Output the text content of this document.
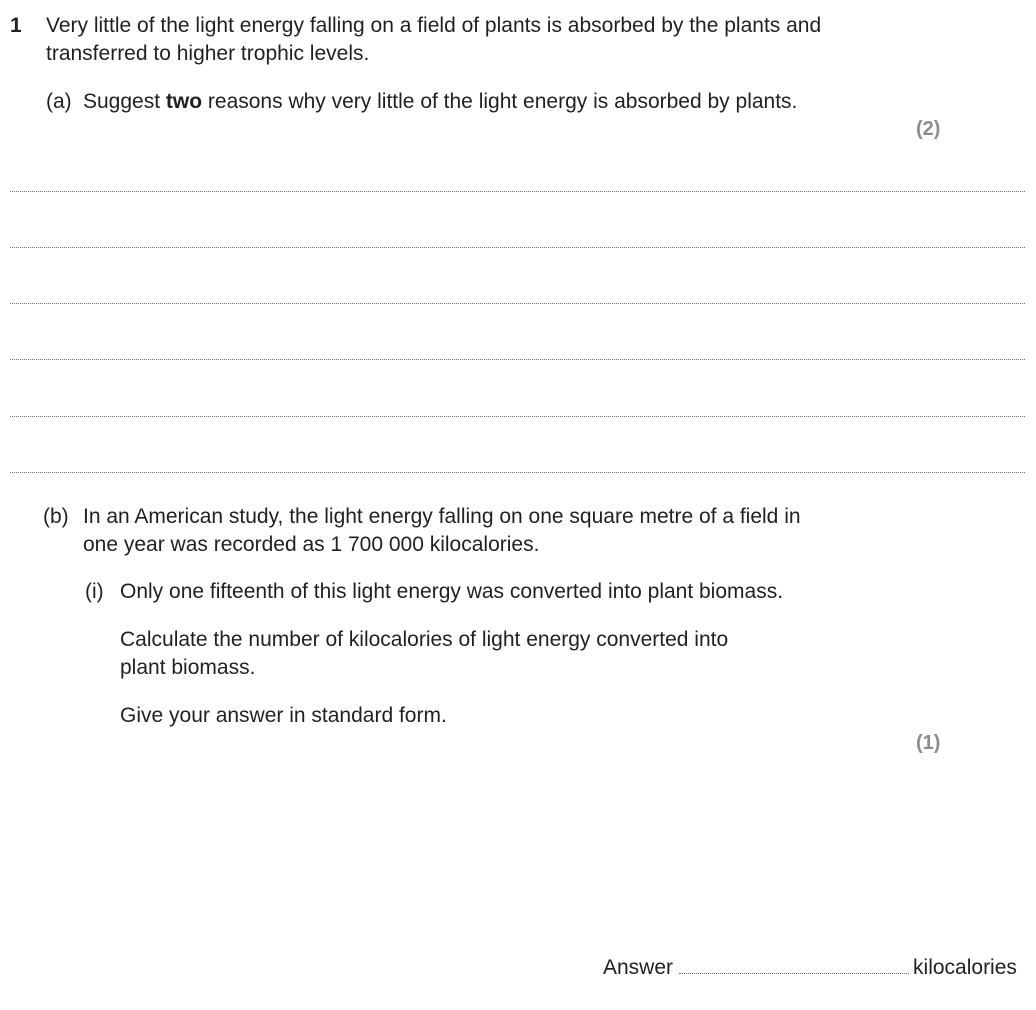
1 Very little of the light energy falling on a field of plants is absorbed by the plants and
transferred to higher trophic levels.
(a) Suggest two reasons why very little of the light energy is absorbed by plants.
(2)
(b) In an American study, the light energy falling on one square metre of a field in
one year was recorded as 1 700 000 kilocalories.
(i) Only one fifteenth of this light energy was converted into plant biomass.
Calculate the number of kilocalories of light energy converted into
plant biomass.
Give your answer in standard form.
(1)
Answer	kilocalories
